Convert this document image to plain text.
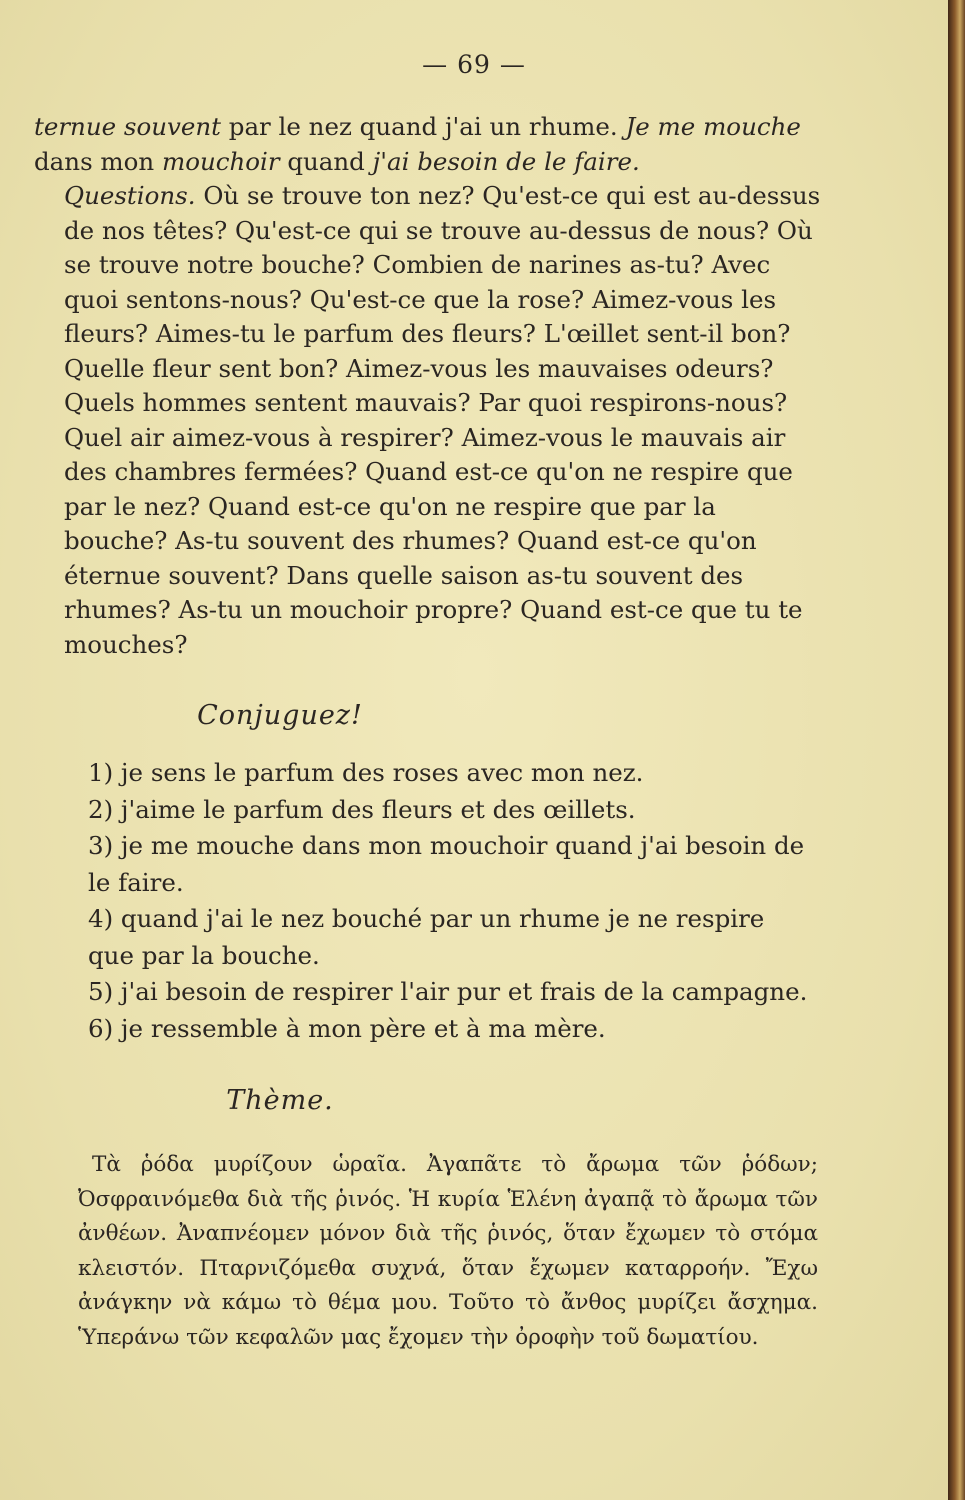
— 69 —

ternue souvent par le nez quand j'ai un rhume. Je me mouche dans mon mouchoir quand j'ai besoin de le faire.

Questions. Où se trouve ton nez? Qu'est-ce qui est au-dessus de nos têtes? Qu'est-ce qui se trouve au-dessus de nous? Où se trouve notre bouche? Combien de narines as-tu? Avec quoi sentons-nous? Qu'est-ce que la rose? Aimez-vous les fleurs? Aimes-tu le parfum des fleurs? L'œillet sent-il bon? Quelle fleur sent bon? Aimez-vous les mauvaises odeurs? Quels hommes sentent mauvais? Par quoi respirons-nous? Quel air aimez-vous à respirer? Aimez-vous le mauvais air des chambres fermées? Quand est-ce qu'on ne respire que par le nez? Quand est-ce qu'on ne respire que par la bouche? As-tu souvent des rhumes? Quand est-ce qu'on éternue souvent? Dans quelle saison as-tu souvent des rhumes? As-tu un mouchoir propre? Quand est-ce que tu te mouches?

Conjuguez!

1) je sens le parfum des roses avec mon nez.

2) j'aime le parfum des fleurs et des œillets.

3) je me mouche dans mon mouchoir quand j'ai besoin de le faire.

4) quand j'ai le nez bouché par un rhume je ne respire que par la bouche.

5) j'ai besoin de respirer l'air pur et frais de la campagne.

6) je ressemble à mon père et à ma mère.

Thème.

Τὰ ῥόδα μυρίζουν ὡραῖα. Ἀγαπᾶτε τὸ ἄρωμα τῶν ῥόδων; Ὀσφραινόμεθα διὰ τῆς ῥινός. Ἡ κυρία Ἑλένη ἀγαπᾷ τὸ ἄρωμα τῶν ἀνθέων. Ἀναπνέομεν μόνον διὰ τῆς ῥινός, ὅταν ἔχωμεν τὸ στόμα κλειστόν. Πταρνιζόμεθα συχνά, ὅταν ἔχωμεν καταρροήν. Ἔχω ἀνάγκην νὰ κάμω τὸ θέμα μου. Τοῦτο τὸ ἄνθος μυρίζει ἄσχημα. Ὑπεράνω τῶν κεφαλῶν μας ἔχομεν τὴν ὀροφὴν τοῦ δωματίου.
